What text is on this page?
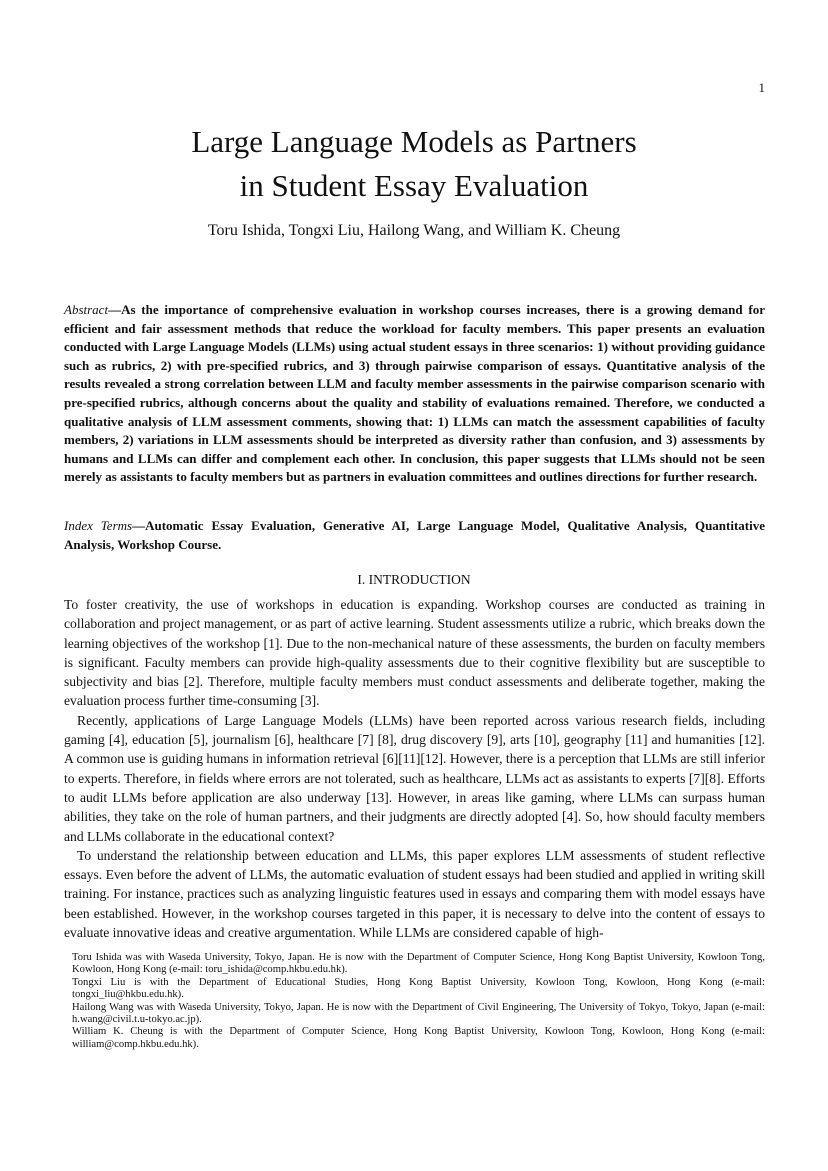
1
Large Language Models as Partners
in Student Essay Evaluation
Toru Ishida, Tongxi Liu, Hailong Wang, and William K. Cheung

Abstract—As the importance of comprehensive evaluation in workshop courses increases, there is a growing demand for efficient and fair assessment methods that reduce the workload for faculty members. This paper presents an evaluation conducted with Large Language Models (LLMs) using actual student essays in three scenarios: 1) without providing guidance such as rubrics, 2) with pre-specified rubrics, and 3) through pairwise comparison of essays. Quantitative analysis of the results revealed a strong correlation between LLM and faculty member assessments in the pairwise comparison scenario with pre-specified rubrics, although concerns about the quality and stability of evaluations remained. Therefore, we conducted a qualitative analysis of LLM assessment comments, showing that: 1) LLMs can match the assessment capabilities of faculty members, 2) variations in LLM assessments should be interpreted as diversity rather than confusion, and 3) assessments by humans and LLMs can differ and complement each other. In conclusion, this paper suggests that LLMs should not be seen merely as assistants to faculty members but as partners in evaluation committees and outlines directions for further research.

Index Terms—Automatic Essay Evaluation, Generative AI, Large Language Model, Qualitative Analysis, Quantitative Analysis, Workshop Course.

I. INTRODUCTION

To foster creativity, the use of workshops in education is expanding. Workshop courses are conducted as training in collaboration and project management, or as part of active learning. Student assessments utilize a rubric, which breaks down the learning objectives of the workshop [1]. Due to the non-mechanical nature of these assessments, the burden on faculty members is significant. Faculty members can provide high-quality assessments due to their cognitive flexibility but are susceptible to subjectivity and bias [2]. Therefore, multiple faculty members must conduct assessments and deliberate together, making the evaluation process further time-consuming [3].

Recently, applications of Large Language Models (LLMs) have been reported across various research fields, including gaming [4], education [5], journalism [6], healthcare [7] [8], drug discovery [9], arts [10], geography [11] and humanities [12]. A common use is guiding humans in information retrieval [6][11][12]. However, there is a perception that LLMs are still inferior to experts. Therefore, in fields where errors are not tolerated, such as healthcare, LLMs act as assistants to experts [7][8]. Efforts to audit LLMs before application are also underway [13]. However, in areas like gaming, where LLMs can surpass human abilities, they take on the role of human partners, and their judgments are directly adopted [4]. So, how should faculty members and LLMs collaborate in the educational context?

To understand the relationship between education and LLMs, this paper explores LLM assessments of student reflective essays. Even before the advent of LLMs, the automatic evaluation of student essays had been studied and applied in writing skill training. For instance, practices such as analyzing linguistic features used in essays and comparing them with model essays have been established. However, in the workshop courses targeted in this paper, it is necessary to delve into the content of essays to evaluate innovative ideas and creative argumentation. While LLMs are considered capable of high-

Toru Ishida was with Waseda University, Tokyo, Japan. He is now with the Department of Computer Science, Hong Kong Baptist University, Kowloon Tong, Kowloon, Hong Kong (e-mail: toru_ishida@comp.hkbu.edu.hk).

Tongxi Liu is with the Department of Educational Studies, Hong Kong Baptist University, Kowloon Tong, Kowloon, Hong Kong (e-mail: tongxi_liu@hkbu.edu.hk).

Hailong Wang was with Waseda University, Tokyo, Japan. He is now with the Department of Civil Engineering, The University of Tokyo, Tokyo, Japan (e-mail: h.wang@civil.t.u-tokyo.ac.jp).

William K. Cheung is with the Department of Computer Science, Hong Kong Baptist University, Kowloon Tong, Kowloon, Hong Kong (e-mail: william@comp.hkbu.edu.hk).
